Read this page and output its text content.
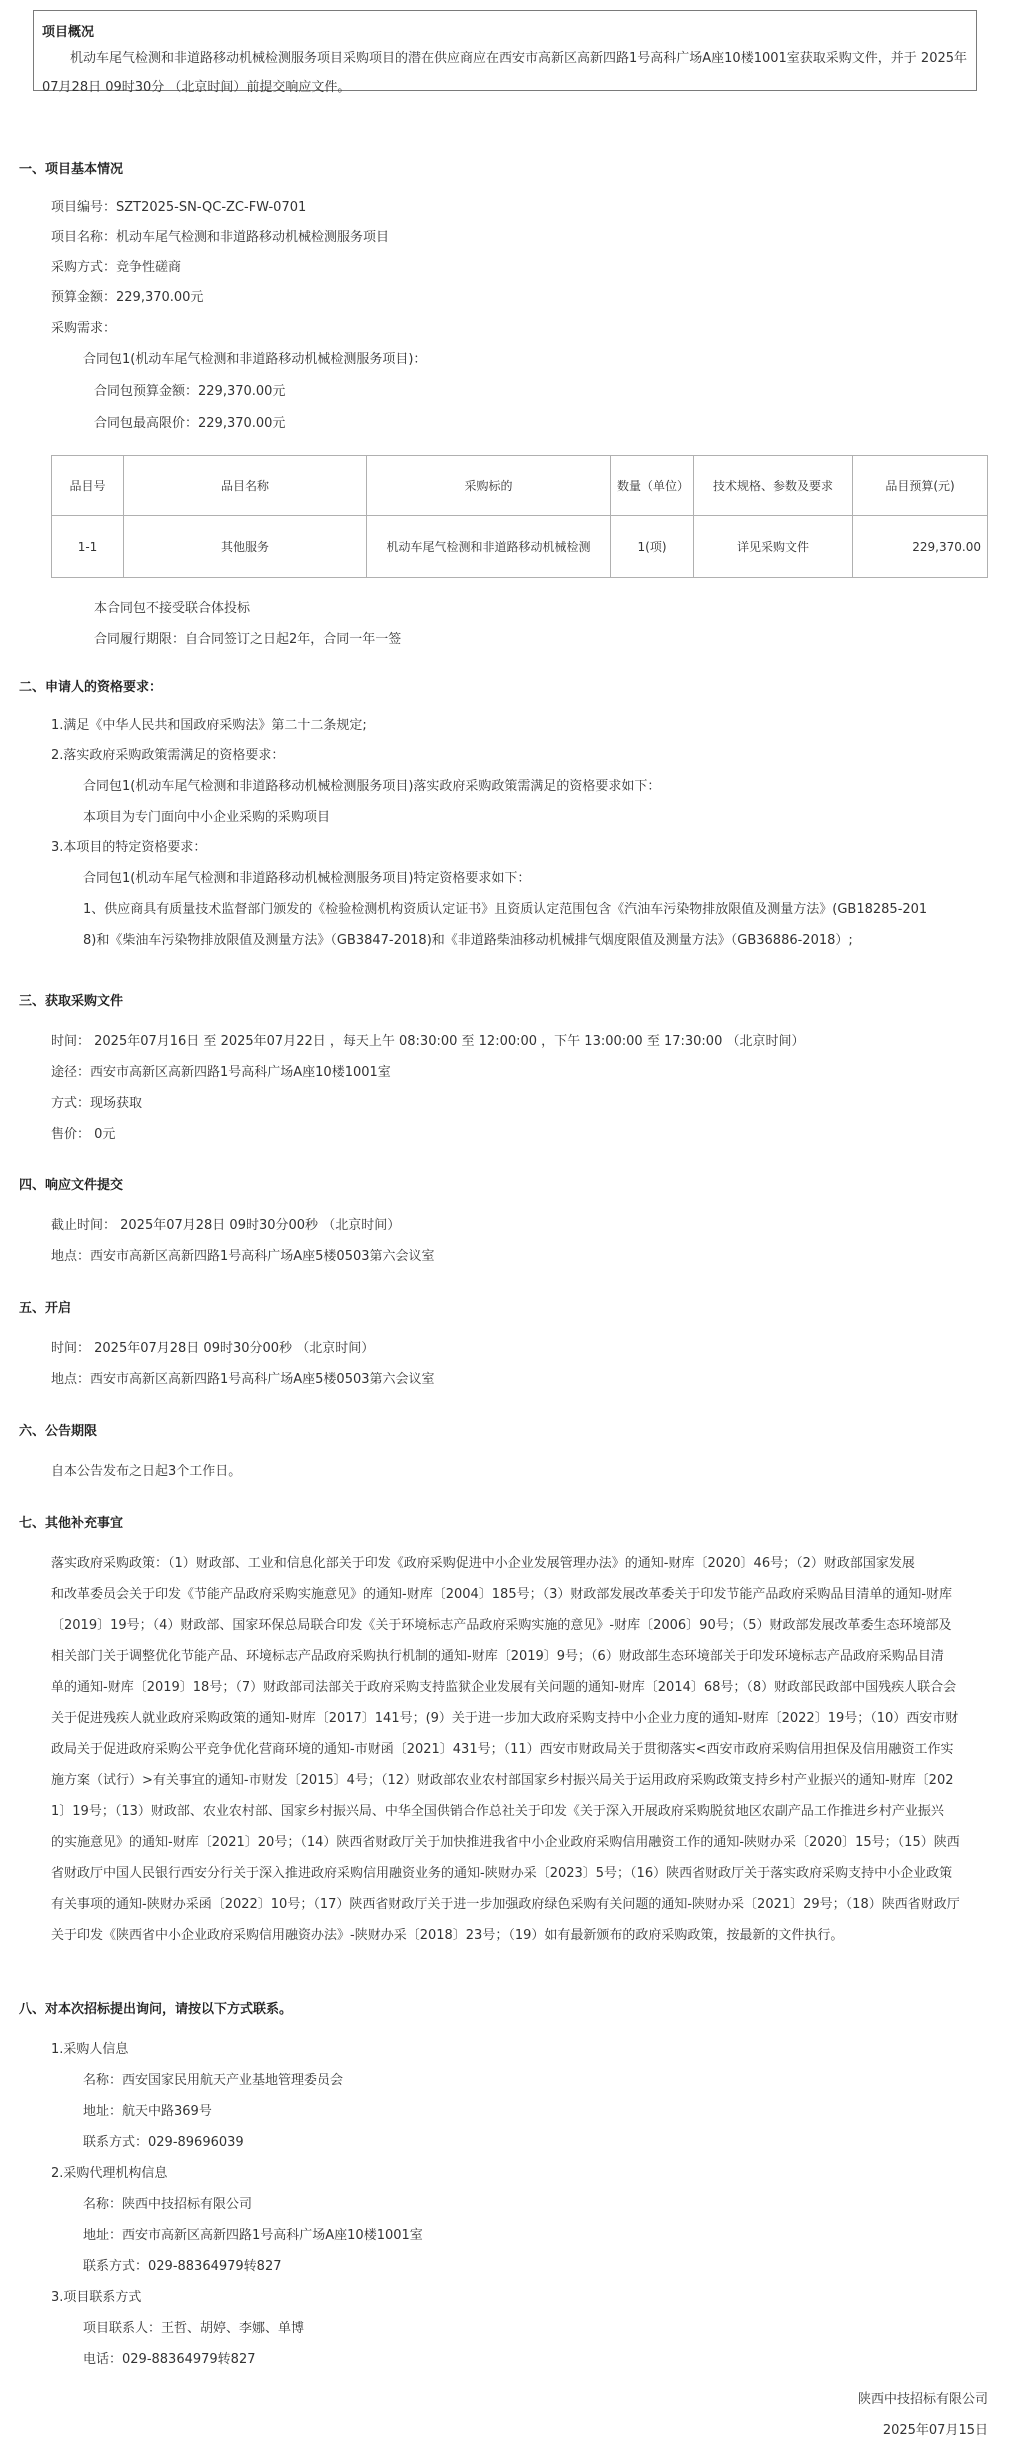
项目概况
机动车尾气检测和非道路移动机械检测服务项目采购项目的潜在供应商应在西安市高新区高新四路1号高科广场A座10楼1001室获取采购文件，并于 2025年07月28日 09时30分 （北京时间）前提交响应文件。
一、项目基本情况
项目编号：SZT2025-SN-QC-ZC-FW-0701
项目名称：机动车尾气检测和非道路移动机械检测服务项目
采购方式：竞争性磋商
预算金额：229,370.00元
采购需求：
合同包1(机动车尾气检测和非道路移动机械检测服务项目)：
合同包预算金额：229,370.00元
合同包最高限价：229,370.00元
品目号	品目名称	采购标的	数量（单位）	技术规格、参数及要求	品目预算(元)
1-1	其他服务	机动车尾气检测和非道路移动机械检测	1(项)	详见采购文件	229,370.00
本合同包不接受联合体投标
合同履行期限：自合同签订之日起2年，合同一年一签
二、申请人的资格要求：
1.满足《中华人民共和国政府采购法》第二十二条规定;
2.落实政府采购政策需满足的资格要求：
合同包1(机动车尾气检测和非道路移动机械检测服务项目)落实政府采购政策需满足的资格要求如下：
本项目为专门面向中小企业采购的采购项目
3.本项目的特定资格要求：
合同包1(机动车尾气检测和非道路移动机械检测服务项目)特定资格要求如下：
1、供应商具有质量技术监督部门颁发的《检验检测机构资质认定证书》且资质认定范围包含《汽油车污染物排放限值及测量方法》(GB18285-201
8)和《柴油车污染物排放限值及测量方法》（GB3847-2018)和《非道路柴油移动机械排气烟度限值及测量方法》（GB36886-2018）;
三、获取采购文件
时间： 2025年07月16日 至 2025年07月22日 ，每天上午 08:30:00 至 12:00:00 ，下午 13:00:00 至 17:30:00 （北京时间）
途径：西安市高新区高新四路1号高科广场A座10楼1001室
方式：现场获取
售价： 0元
四、响应文件提交
截止时间： 2025年07月28日 09时30分00秒 （北京时间）
地点：西安市高新区高新四路1号高科广场A座5楼0503第六会议室
五、开启
时间： 2025年07月28日 09时30分00秒 （北京时间）
地点：西安市高新区高新四路1号高科广场A座5楼0503第六会议室
六、公告期限
自本公告发布之日起3个工作日。
七、其他补充事宜
落实政府采购政策：（1）财政部、工业和信息化部关于印发《政府采购促进中小企业发展管理办法》的通知-财库〔2020〕46号；（2）财政部国家发展
和改革委员会关于印发《节能产品政府采购实施意见》的通知-财库〔2004〕185号；（3）财政部发展改革委关于印发节能产品政府采购品目清单的通知-财库
〔2019〕19号；（4）财政部、国家环保总局联合印发《关于环境标志产品政府采购实施的意见》-财库〔2006〕90号；（5）财政部发展改革委生态环境部及
相关部门关于调整优化节能产品、环境标志产品政府采购执行机制的通知-财库〔2019〕9号；（6）财政部生态环境部关于印发环境标志产品政府采购品目清
单的通知-财库〔2019〕18号；（7）财政部司法部关于政府采购支持监狱企业发展有关问题的通知-财库〔2014〕68号；（8）财政部民政部中国残疾人联合会
关于促进残疾人就业政府采购政策的通知-财库〔2017〕141号；(9）关于进一步加大政府采购支持中小企业力度的通知-财库〔2022〕19号；（10）西安市财
政局关于促进政府采购公平竞争优化营商环境的通知-市财函〔2021〕431号；（11）西安市财政局关于贯彻落实<西安市政府采购信用担保及信用融资工作实
施方案（试行）>有关事宜的通知-市财发〔2015〕4号；（12）财政部农业农村部国家乡村振兴局关于运用政府采购政策支持乡村产业振兴的通知-财库〔202
1〕19号；（13）财政部、农业农村部、国家乡村振兴局、中华全国供销合作总社关于印发《关于深入开展政府采购脱贫地区农副产品工作推进乡村产业振兴
的实施意见》的通知-财库〔2021〕20号；（14）陕西省财政厅关于加快推进我省中小企业政府采购信用融资工作的通知-陕财办采〔2020〕15号；（15）陕西
省财政厅中国人民银行西安分行关于深入推进政府采购信用融资业务的通知-陕财办采〔2023〕5号；（16）陕西省财政厅关于落实政府采购支持中小企业政策
有关事项的通知-陕财办采函〔2022〕10号；（17）陕西省财政厅关于进一步加强政府绿色采购有关问题的通知-陕财办采〔2021〕29号；（18）陕西省财政厅
关于印发《陕西省中小企业政府采购信用融资办法》-陕财办采〔2018〕23号；（19）如有最新颁布的政府采购政策，按最新的文件执行。
八、对本次招标提出询问，请按以下方式联系。
1.采购人信息
名称：西安国家民用航天产业基地管理委员会
地址：航天中路369号
联系方式：029-89696039
2.采购代理机构信息
名称：陕西中技招标有限公司
地址：西安市高新区高新四路1号高科广场A座10楼1001室
联系方式：029-88364979转827
3.项目联系方式
项目联系人：王哲、胡婷、李娜、单博
电话：029-88364979转827
陕西中技招标有限公司
2025年07月15日
